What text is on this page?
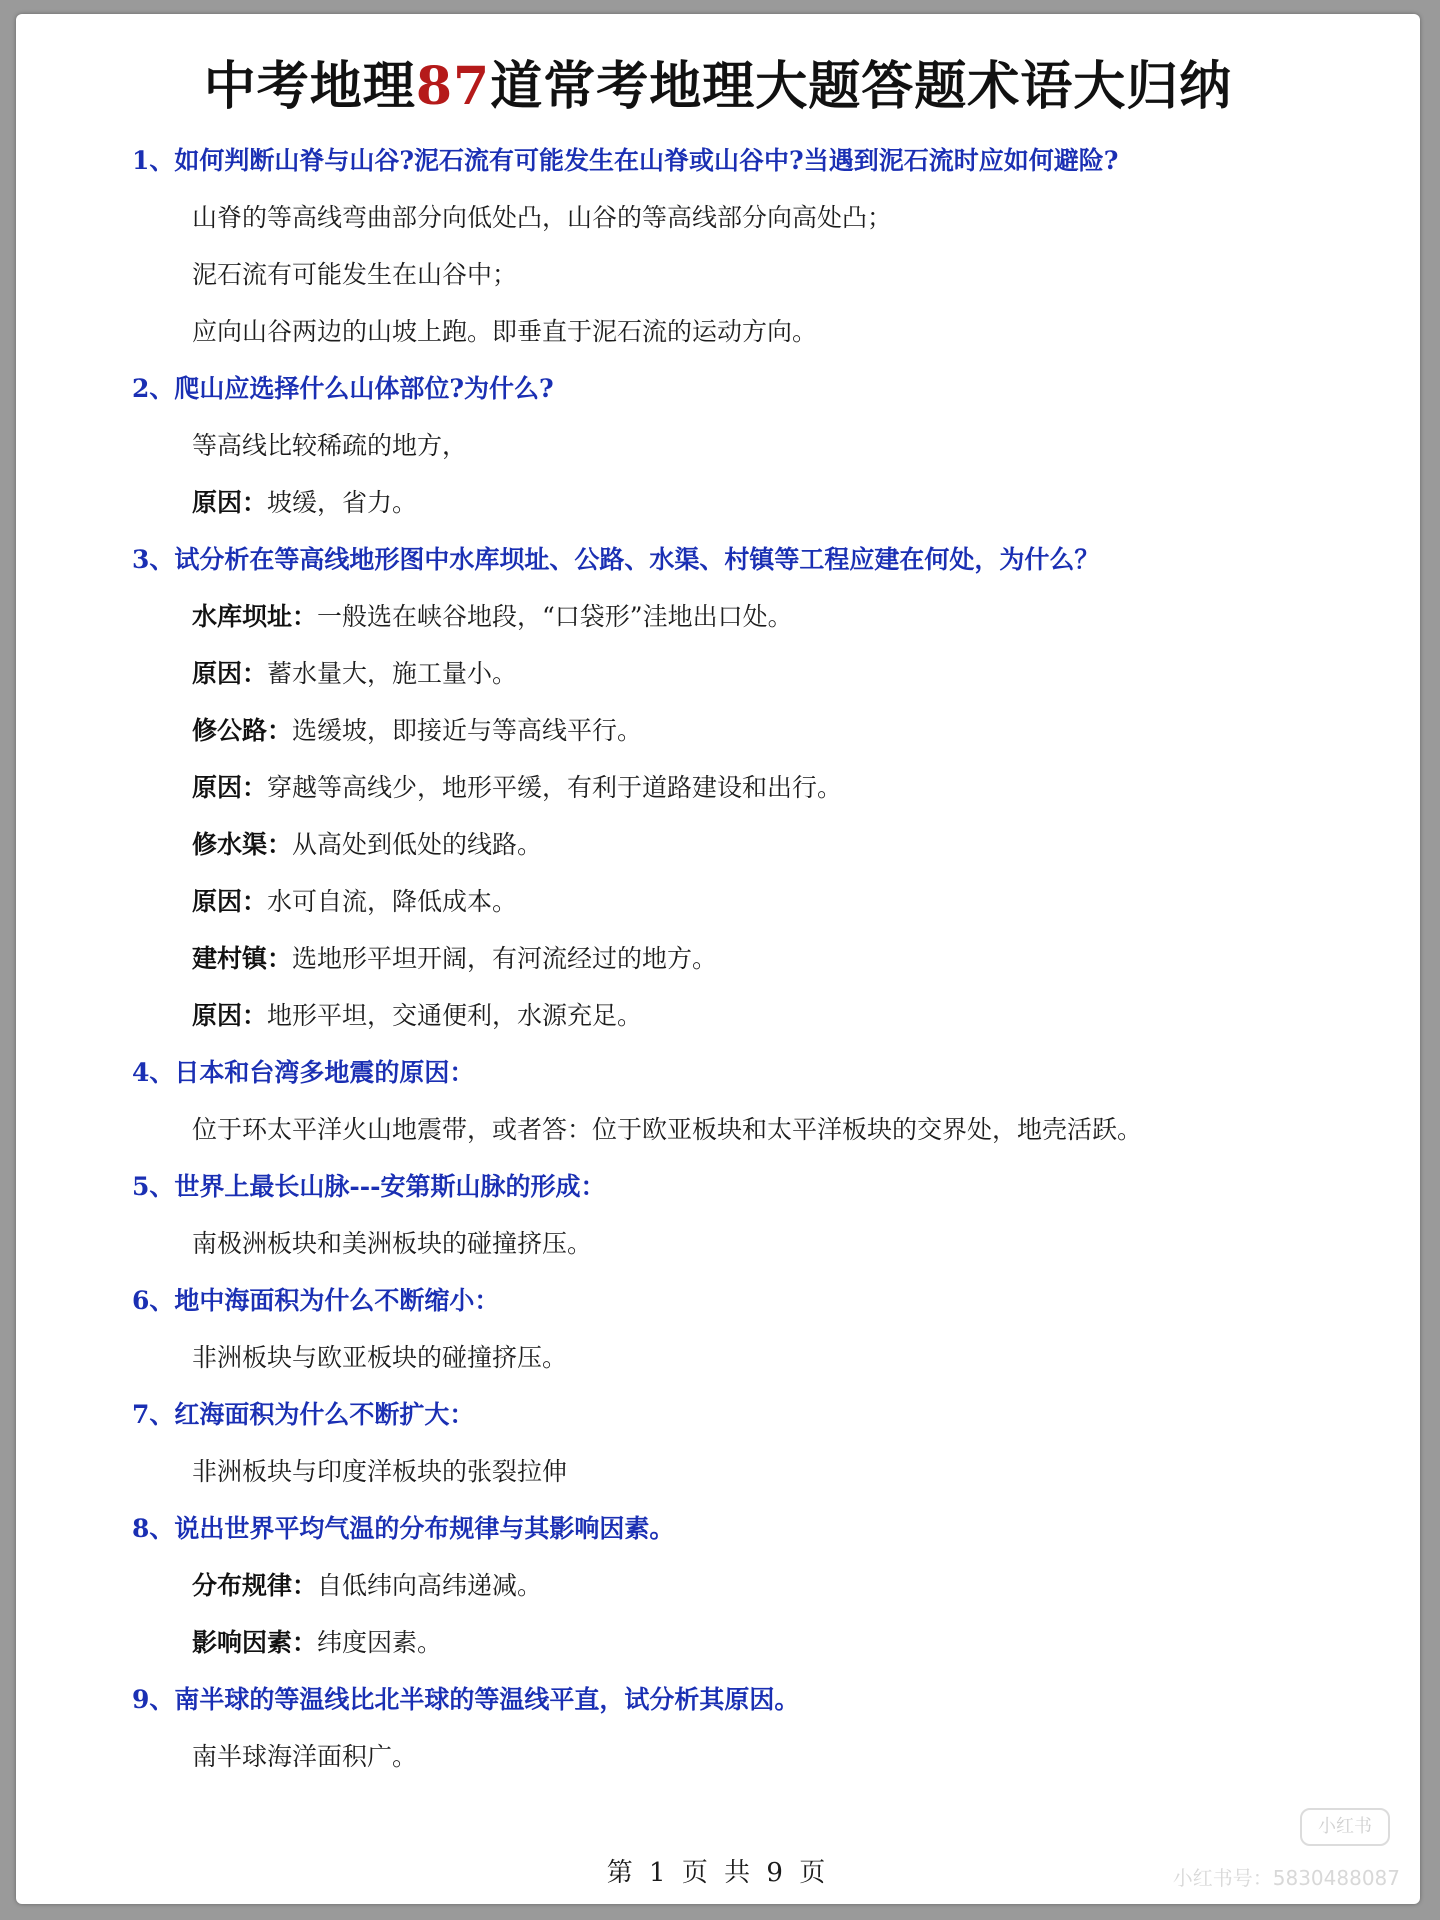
中考地理87道常考地理大题答题术语大归纳
1、如何判断山脊与山谷?泥石流有可能发生在山脊或山谷中?当遇到泥石流时应如何避险?
山脊的等高线弯曲部分向低处凸，山谷的等高线部分向高处凸；
泥石流有可能发生在山谷中；
应向山谷两边的山坡上跑。即垂直于泥石流的运动方向。
2、爬山应选择什么山体部位?为什么?
等高线比较稀疏的地方，
原因：坡缓，省力。
3、试分析在等高线地形图中水库坝址、公路、水渠、村镇等工程应建在何处，为什么？
水库坝址：一般选在峡谷地段，“口袋形”洼地出口处。
原因：蓄水量大，施工量小。
修公路：选缓坡，即接近与等高线平行。
原因：穿越等高线少，地形平缓，有利于道路建设和出行。
修水渠：从高处到低处的线路。
原因：水可自流，降低成本。
建村镇：选地形平坦开阔，有河流经过的地方。
原因：地形平坦，交通便利，水源充足。
4、日本和台湾多地震的原因：
位于环太平洋火山地震带，或者答：位于欧亚板块和太平洋板块的交界处，地壳活跃。
5、世界上最长山脉---安第斯山脉的形成：
南极洲板块和美洲板块的碰撞挤压。
6、地中海面积为什么不断缩小：
非洲板块与欧亚板块的碰撞挤压。
7、红海面积为什么不断扩大：
非洲板块与印度洋板块的张裂拉伸
8、说出世界平均气温的分布规律与其影响因素。
分布规律：自低纬向高纬递减。
影响因素：纬度因素。
9、南半球的等温线比北半球的等温线平直，试分析其原因。
南半球海洋面积广。
第 1 页 共 9 页
小红书
小红书号：5830488087
